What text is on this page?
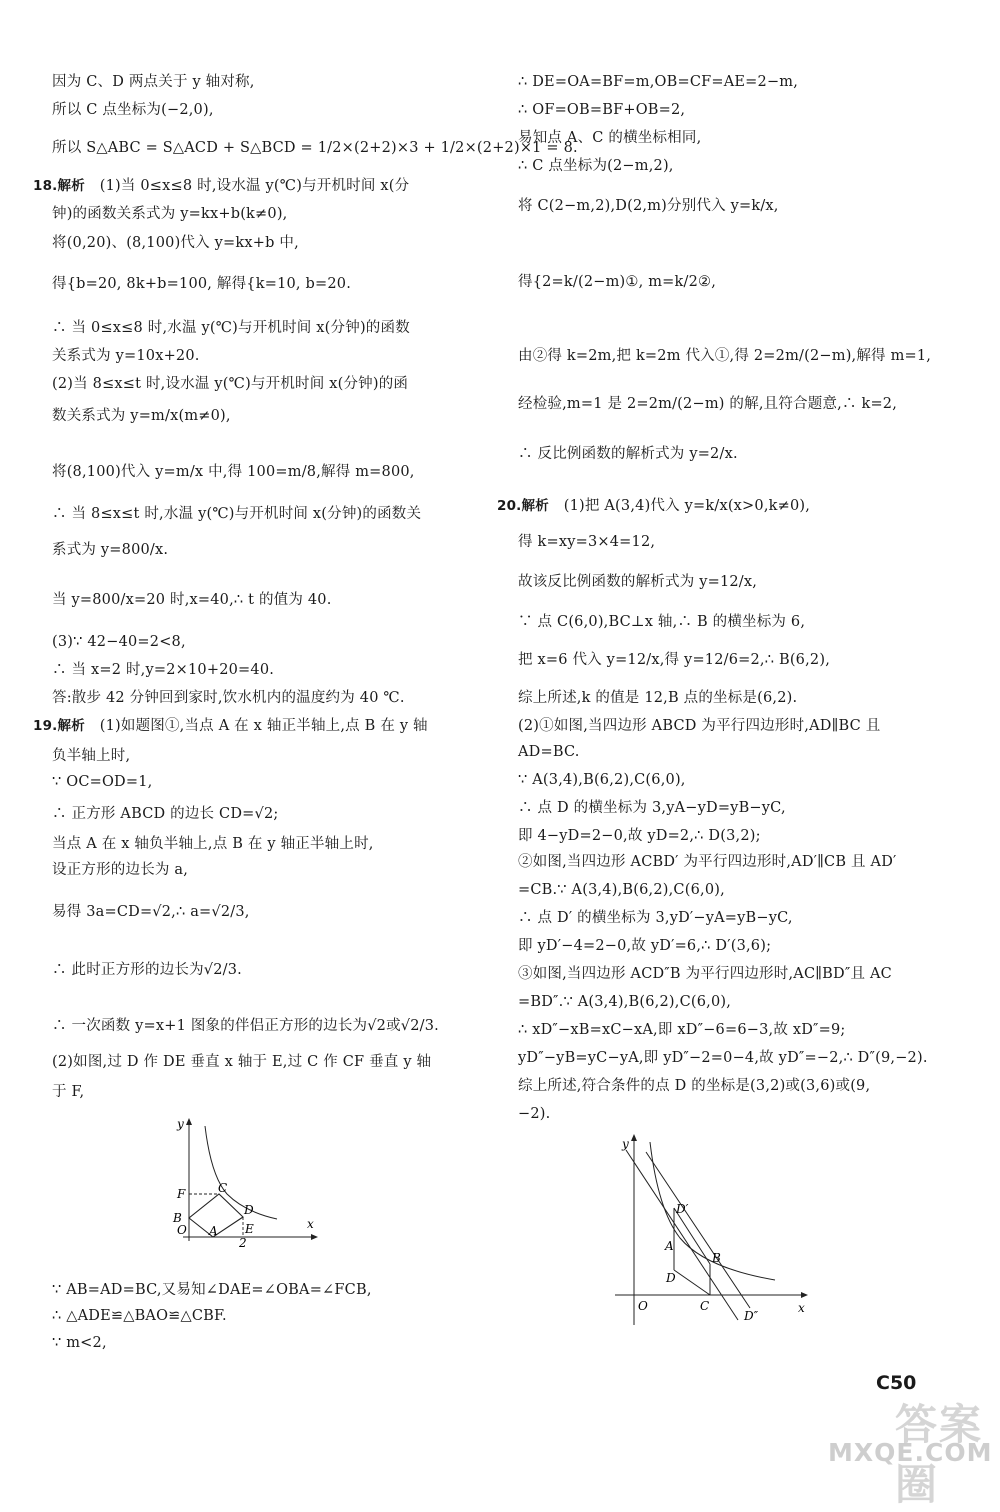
因为 C、D 两点关于 y 轴对称,
所以 C 点坐标为(−2,0),
所以 S△ABC = S△ACD + S△BCD = 1/2×(2+2)×3 + 1/2×(2+2)×1 = 8.
18.解析 (1)当 0≤x≤8 时,设水温 y(℃)与开机时间 x(分
钟)的函数关系式为 y=kx+b(k≠0),
将(0,20)、(8,100)代入 y=kx+b 中,
得{b=20, 8k+b=100, 解得{k=10, b=20.
∴ 当 0≤x≤8 时,水温 y(℃)与开机时间 x(分钟)的函数
关系式为 y=10x+20.
(2)当 8≤x≤t 时,设水温 y(℃)与开机时间 x(分钟)的函
数关系式为 y=m/x(m≠0),
将(8,100)代入 y=m/x 中,得 100=m/8,解得 m=800,
∴ 当 8≤x≤t 时,水温 y(℃)与开机时间 x(分钟)的函数关
系式为 y=800/x.
当 y=800/x=20 时,x=40,∴ t 的值为 40.
(3)∵ 42−40=2<8,
∴ 当 x=2 时,y=2×10+20=40.
答:散步 42 分钟回到家时,饮水机内的温度约为 40 ℃.
19.解析 (1)如题图①,当点 A 在 x 轴正半轴上,点 B 在 y 轴
负半轴上时,
∵ OC=OD=1,
∴ 正方形 ABCD 的边长 CD=√2;
当点 A 在 x 轴负半轴上,点 B 在 y 轴正半轴上时,
设正方形的边长为 a,
易得 3a=CD=√2,∴ a=√2/3,
∴ 此时正方形的边长为√2/3.
∴ 一次函数 y=x+1 图象的伴侣正方形的边长为√2或√2/3.
(2)如图,过 D 作 DE 垂直 x 轴于 E,过 C 作 CF 垂直 y 轴
于 F,
y
x
O A
B
C
D
E
F
2
∵ AB=AD=BC,又易知∠DAE=∠OBA=∠FCB,
∴ △ADE≌△BAO≌△CBF.
∵ m<2,
∴ DE=OA=BF=m,OB=CF=AE=2−m,
∴ OF=OB=BF+OB=2,
易知点 A、C 的横坐标相同,
∴ C 点坐标为(2−m,2),
将 C(2−m,2),D(2,m)分别代入 y=k/x,
得{2=k/(2−m)①, m=k/2②,
由②得 k=2m,把 k=2m 代入①,得 2=2m/(2−m),解得 m=1,
经检验,m=1 是 2=2m/(2−m) 的解,且符合题意,∴ k=2,
∴ 反比例函数的解析式为 y=2/x.
20.解析 (1)把 A(3,4)代入 y=k/x(x>0,k≠0),
得 k=xy=3×4=12,
故该反比例函数的解析式为 y=12/x,
∵ 点 C(6,0),BC⊥x 轴,∴ B 的横坐标为 6,
把 x=6 代入 y=12/x,得 y=12/6=2,∴ B(6,2),
综上所述,k 的值是 12,B 点的坐标是(6,2).
(2)①如图,当四边形 ABCD 为平行四边形时,AD∥BC 且
AD=BC.
∵ A(3,4),B(6,2),C(6,0),
∴ 点 D 的横坐标为 3,yA−yD=yB−yC,
即 4−yD=2−0,故 yD=2,∴ D(3,2);
②如图,当四边形 ACBD′ 为平行四边形时,AD′∥CB 且 AD′
=CB.∵ A(3,4),B(6,2),C(6,0),
∴ 点 D′ 的横坐标为 3,yD′−yA=yB−yC,
即 yD′−4=2−0,故 yD′=6,∴ D′(3,6);
③如图,当四边形 ACD″B 为平行四边形时,AC∥BD″且 AC
=BD″.∵ A(3,4),B(6,2),C(6,0),
∴ xD″−xB=xC−xA,即 xD″−6=6−3,故 xD″=9;
yD″−yB=yC−yA,即 yD″−2=0−4,故 yD″=−2,∴ D″(9,−2).
综上所述,符合条件的点 D 的坐标是(3,2)或(3,6)或(9,
−2).
y
x
O
A
B
C
D
D′
D″
C50
答案圈
MXQE.COM
